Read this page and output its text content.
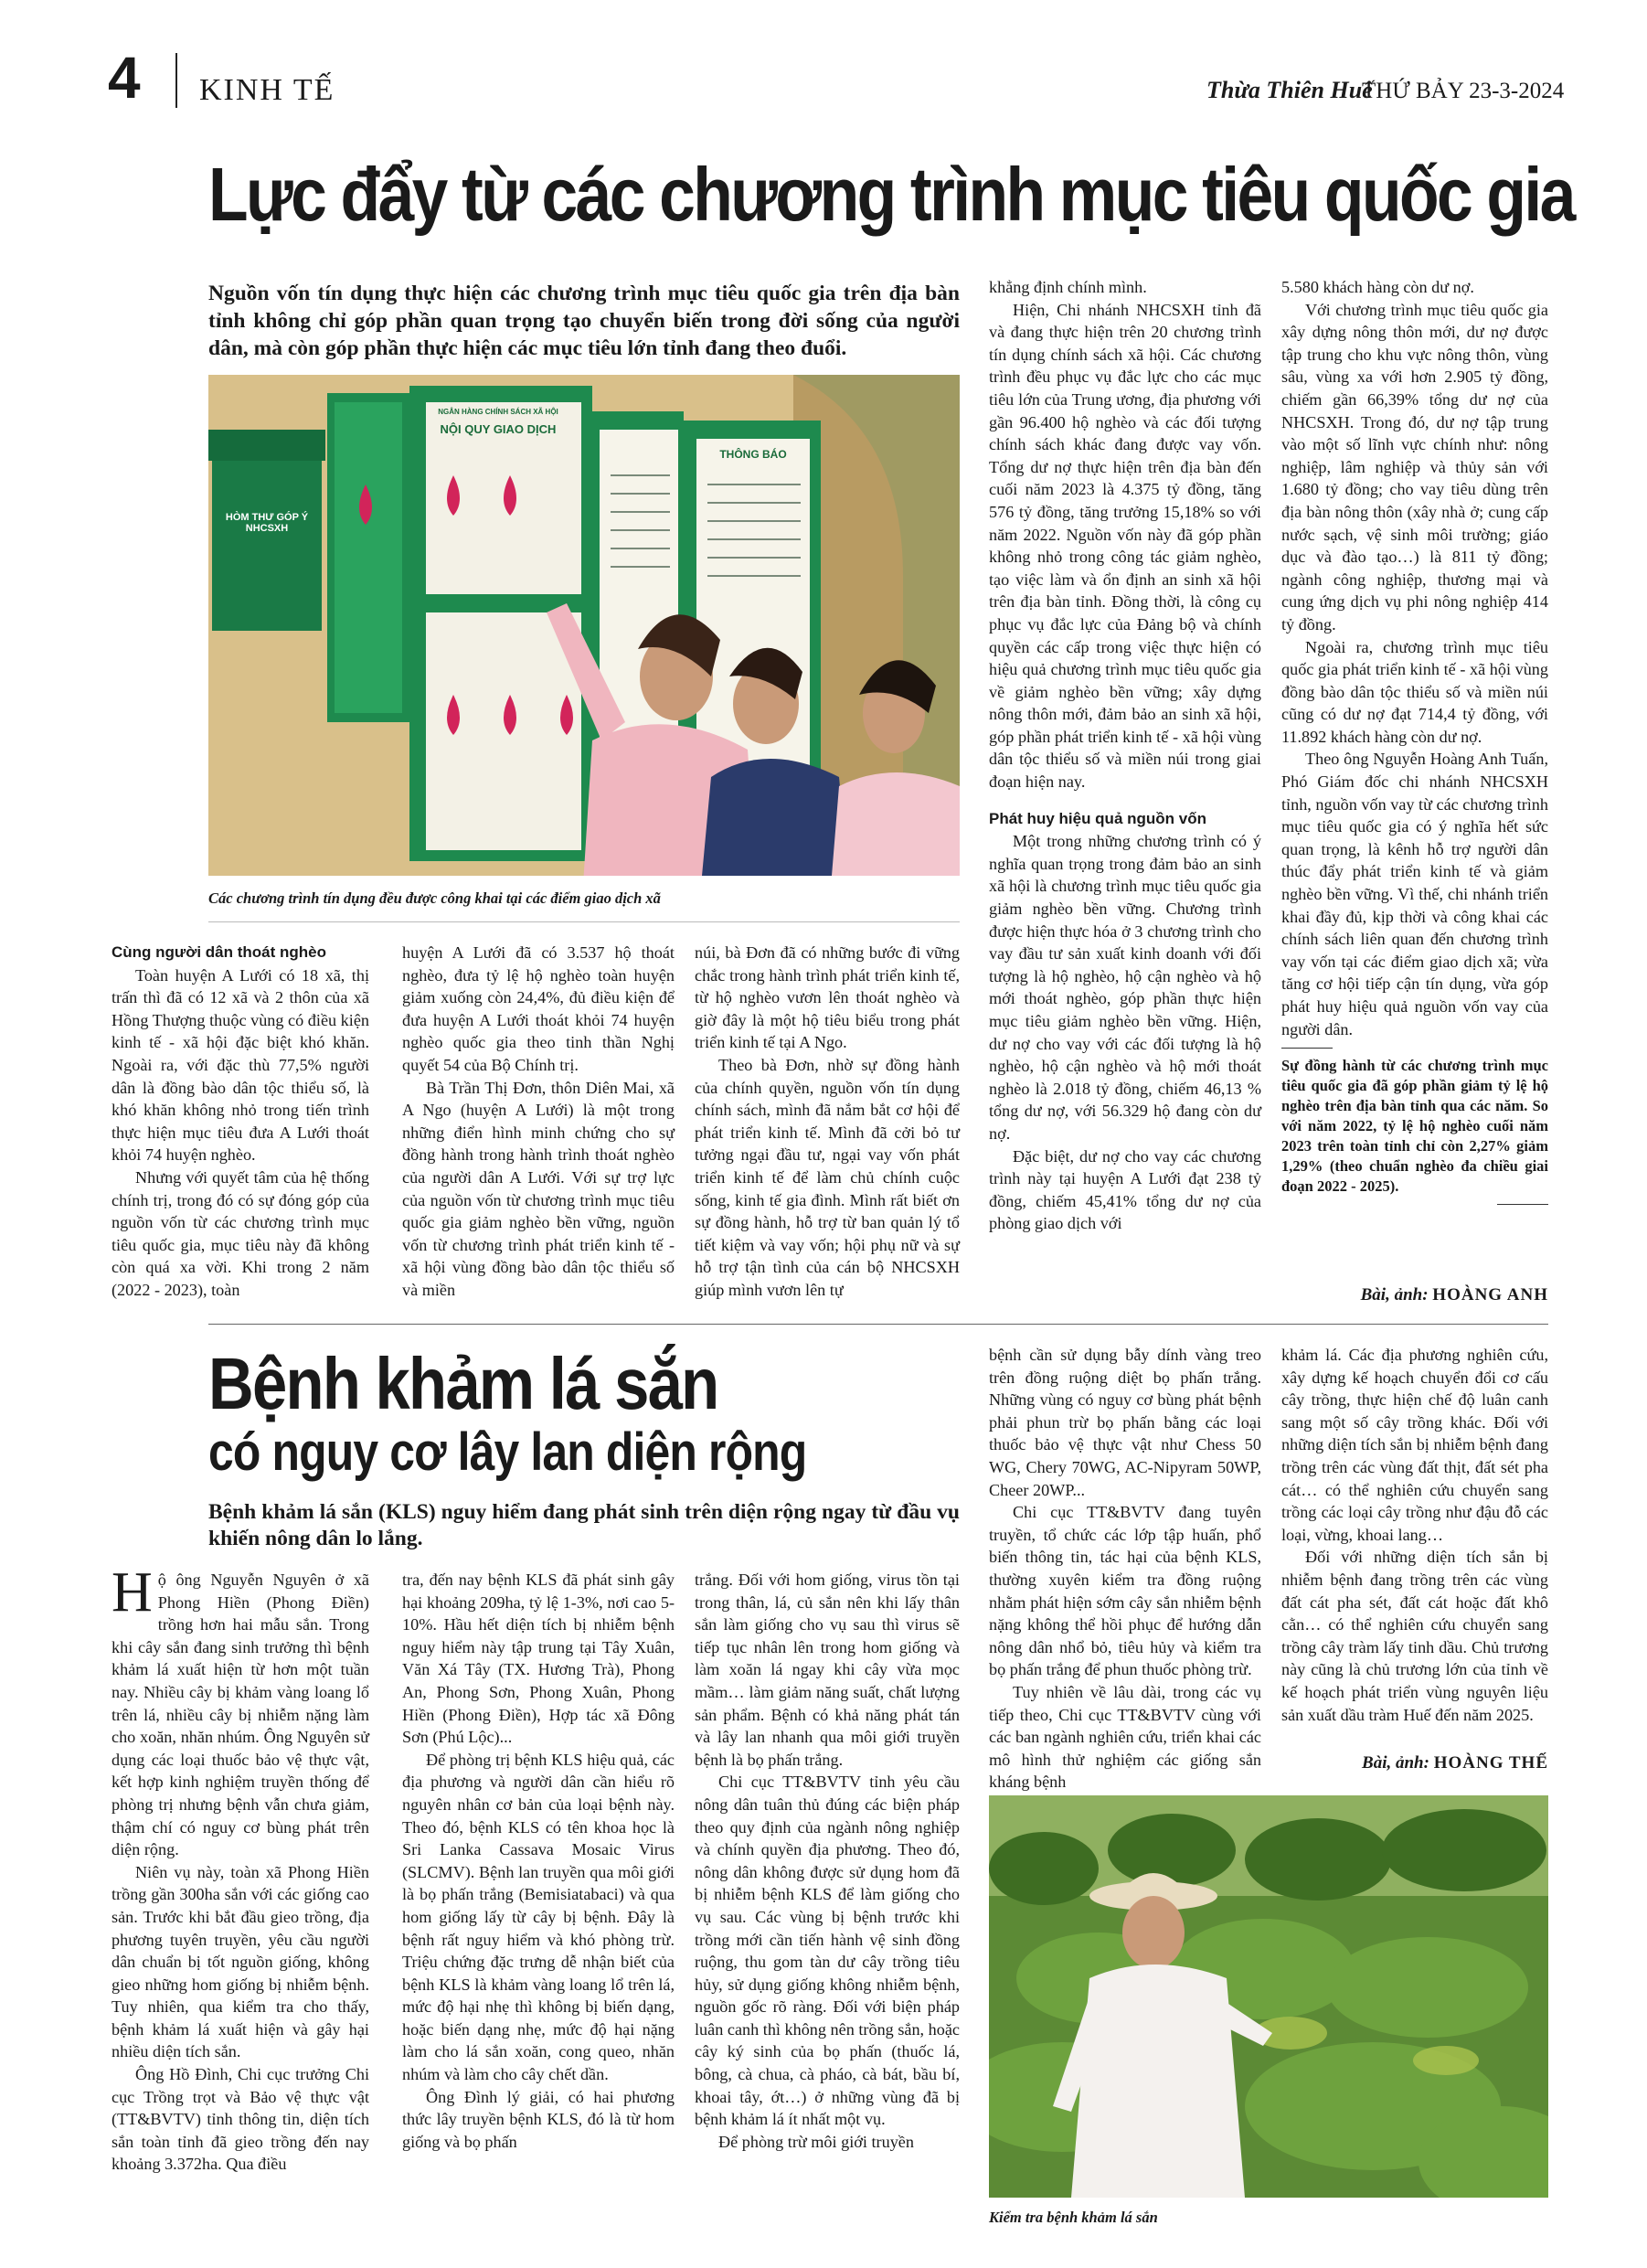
4 KINH TẾ	Thừa Thiên Huế
THỨ BẢY 23-3-2024
Lực đẩy từ các chương trình mục tiêu quốc gia
Nguồn vốn tín dụng thực hiện các chương trình mục tiêu quốc gia trên địa bàn tỉnh không chỉ góp phần quan trọng tạo chuyển biến trong đời sống của người dân, mà còn góp phần thực hiện các mục tiêu lớn tỉnh đang theo đuổi.
NGÂN HÀNG CHÍNH SÁCH XÃ HỘI
NỘI QUY GIAO DỊCH
THÔNG BÁO
HÒM THƯ GÓP Ý NHCSXH
Các chương trình tín dụng đều được công khai tại các điểm giao dịch xã

Cùng người dân thoát nghèo

Toàn huyện A Lưới có 18 xã, thị trấn thì đã có 12 xã và 2 thôn của xã Hồng Thượng thuộc vùng có điều kiện kinh tế - xã hội đặc biệt khó khăn. Ngoài ra, với đặc thù 77,5% người dân là đồng bào dân tộc thiểu số, là khó khăn không nhỏ trong tiến trình thực hiện mục tiêu đưa A Lưới thoát khỏi 74 huyện nghèo.

Nhưng với quyết tâm của hệ thống chính trị, trong đó có sự đóng góp của nguồn vốn từ các chương trình mục tiêu quốc gia, mục tiêu này đã không còn quá xa vời. Khi trong 2 năm (2022 - 2023), toàn

huyện A Lưới đã có 3.537 hộ thoát nghèo, đưa tỷ lệ hộ nghèo toàn huyện giảm xuống còn 24,4%, đủ điều kiện để đưa huyện A Lưới thoát khỏi 74 huyện nghèo quốc gia theo tinh thần Nghị quyết 54 của Bộ Chính trị.

Bà Trần Thị Đơn, thôn Diên Mai, xã A Ngo (huyện A Lưới) là một trong những điển hình minh chứng cho sự đồng hành trong hành trình thoát nghèo của người dân A Lưới. Với sự trợ lực của nguồn vốn từ chương trình mục tiêu quốc gia giảm nghèo bền vững, nguồn vốn từ chương trình phát triển kinh tế - xã hội vùng đồng bào dân tộc thiểu số và miền

núi, bà Đơn đã có những bước đi vững chắc trong hành trình phát triển kinh tế, từ hộ nghèo vươn lên thoát nghèo và giờ đây là một hộ tiêu biểu trong phát triển kinh tế tại A Ngo.

Theo bà Đơn, nhờ sự đồng hành của chính quyền, nguồn vốn tín dụng chính sách, mình đã nắm bắt cơ hội để phát triển kinh tế. Mình đã cởi bỏ tư tưởng ngại đầu tư, ngại vay vốn phát triển kinh tế để làm chủ chính cuộc sống, kinh tế gia đình. Mình rất biết ơn sự đồng hành, hỗ trợ từ ban quản lý tổ tiết kiệm và vay vốn; hội phụ nữ và sự hỗ trợ tận tình của cán bộ NHCSXH giúp mình vươn lên tự

khẳng định chính mình.

Hiện, Chi nhánh NHCSXH tỉnh đã và đang thực hiện trên 20 chương trình tín dụng chính sách xã hội. Các chương trình đều phục vụ đắc lực cho các mục tiêu lớn của Trung ương, địa phương với gần 96.400 hộ nghèo và các đối tượng chính sách khác đang được vay vốn. Tổng dư nợ thực hiện trên địa bàn đến cuối năm 2023 là 4.375 tỷ đồng, tăng 576 tỷ đồng, tăng trưởng 15,18% so với năm 2022. Nguồn vốn này đã góp phần không nhỏ trong công tác giảm nghèo, tạo việc làm và ổn định an sinh xã hội trên địa bàn tỉnh. Đồng thời, là công cụ phục vụ đắc lực của Đảng bộ và chính quyền các cấp trong việc thực hiện có hiệu quả chương trình mục tiêu quốc gia về giảm nghèo bền vững; xây dựng nông thôn mới, đảm bảo an sinh xã hội, góp phần phát triển kinh tế - xã hội vùng dân tộc thiểu số và miền núi trong giai đoạn hiện nay.

Phát huy hiệu quả nguồn vốn

Một trong những chương trình có ý nghĩa quan trọng trong đảm bảo an sinh xã hội là chương trình mục tiêu quốc gia giảm nghèo bền vững. Chương trình được hiện thực hóa ở 3 chương trình cho vay đầu tư sản xuất kinh doanh với đối tượng là hộ nghèo, hộ cận nghèo và hộ mới thoát nghèo, góp phần thực hiện mục tiêu giảm nghèo bền vững. Hiện, dư nợ cho vay với các đối tượng là hộ nghèo, hộ cận nghèo và hộ mới thoát nghèo là 2.018 tỷ đồng, chiếm 46,13 % tổng dư nợ, với 56.329 hộ đang còn dư nợ.

Đặc biệt, dư nợ cho vay các chương trình này tại huyện A Lưới đạt 238 tỷ đồng, chiếm 45,41% tổng dư nợ của phòng giao dịch với

5.580 khách hàng còn dư nợ.

Với chương trình mục tiêu quốc gia xây dựng nông thôn mới, dư nợ được tập trung cho khu vực nông thôn, vùng sâu, vùng xa với hơn 2.905 tỷ đồng, chiếm gần 66,39% tổng dư nợ của NHCSXH. Trong đó, dư nợ tập trung vào một số lĩnh vực chính như: nông nghiệp, lâm nghiệp và thủy sản với 1.680 tỷ đồng; cho vay tiêu dùng trên địa bàn nông thôn (xây nhà ở; cung cấp nước sạch, vệ sinh môi trường; giáo dục và đào tạo…) là 811 tỷ đồng; ngành công nghiệp, thương mại và cung ứng dịch vụ phi nông nghiệp 414 tỷ đồng.

Ngoài ra, chương trình mục tiêu quốc gia phát triển kinh tế - xã hội vùng đồng bào dân tộc thiểu số và miền núi cũng có dư nợ đạt 714,4 tỷ đồng, với 11.892 khách hàng còn dư nợ.

Theo ông Nguyễn Hoàng Anh Tuấn, Phó Giám đốc chi nhánh NHCSXH tỉnh, nguồn vốn vay từ các chương trình mục tiêu quốc gia có ý nghĩa hết sức quan trọng, là kênh hỗ trợ người dân thúc đẩy phát triển kinh tế và giảm nghèo bền vững. Vì thế, chi nhánh triển khai đầy đủ, kịp thời và công khai các chính sách liên quan đến chương trình vay vốn tại các điểm giao dịch xã; vừa tăng cơ hội tiếp cận tín dụng, vừa góp phát huy hiệu quả nguồn vốn vay của người dân.

Sự đồng hành từ các chương trình mục tiêu quốc gia đã góp phần giảm tỷ lệ hộ nghèo trên địa bàn tỉnh qua các năm. So với năm 2022, tỷ lệ hộ nghèo cuối năm 2023 trên toàn tỉnh chỉ còn 2,27% giảm 1,29% (theo chuẩn nghèo đa chiều giai đoạn 2022 - 2025).
Bài, ảnh: HOÀNG ANH
Bệnh khảm lá sắn
có nguy cơ lây lan diện rộng
Bệnh khảm lá sắn (KLS) nguy hiểm đang phát sinh trên diện rộng ngay từ đầu vụ khiến nông dân lo lắng.

Hộ ông Nguyễn Nguyên ở xã Phong Hiền (Phong Điền) trồng hơn hai mẫu sắn. Trong khi cây sắn đang sinh trưởng thì bệnh khảm lá xuất hiện từ hơn một tuần nay. Nhiều cây bị khảm vàng loang lổ trên lá, nhiều cây bị nhiễm nặng làm cho xoăn, nhăn nhúm. Ông Nguyên sử dụng các loại thuốc bảo vệ thực vật, kết hợp kinh nghiệm truyền thống để phòng trị nhưng bệnh vẫn chưa giảm, thậm chí có nguy cơ bùng phát trên diện rộng.

Niên vụ này, toàn xã Phong Hiền trồng gần 300ha sắn với các giống cao sản. Trước khi bắt đầu gieo trồng, địa phương tuyên truyền, yêu cầu người dân chuẩn bị tốt nguồn giống, không gieo những hom giống bị nhiễm bệnh. Tuy nhiên, qua kiểm tra cho thấy, bệnh khảm lá xuất hiện và gây hại nhiều diện tích sắn.

Ông Hồ Đình, Chi cục trưởng Chi cục Trồng trọt và Bảo vệ thực vật (TT&BVTV) tỉnh thông tin, diện tích sắn toàn tỉnh đã gieo trồng đến nay khoảng 3.372ha. Qua điều

tra, đến nay bệnh KLS đã phát sinh gây hại khoảng 209ha, tỷ lệ 1-3%, nơi cao 5-10%. Hầu hết diện tích bị nhiễm bệnh nguy hiểm này tập trung tại Tây Xuân, Văn Xá Tây (TX. Hương Trà), Phong An, Phong Sơn, Phong Xuân, Phong Hiền (Phong Điền), Hợp tác xã Đông Sơn (Phú Lộc)...

Để phòng trị bệnh KLS hiệu quả, các địa phương và người dân cần hiểu rõ nguyên nhân cơ bản của loại bệnh này. Theo đó, bệnh KLS có tên khoa học là Sri Lanka Cassava Mosaic Virus (SLCMV). Bệnh lan truyền qua môi giới là bọ phấn trắng (Bemisiatabaci) và qua hom giống lấy từ cây bị bệnh. Đây là bệnh rất nguy hiểm và khó phòng trừ. Triệu chứng đặc trưng dễ nhận biết của bệnh KLS là khảm vàng loang lổ trên lá, mức độ hại nhẹ thì không bị biến dạng, hoặc biến dạng nhẹ, mức độ hại nặng làm cho lá sắn xoăn, cong queo, nhăn nhúm và làm cho cây chết dần.

Ông Đình lý giải, có hai phương thức lây truyền bệnh KLS, đó là từ hom giống và bọ phấn

trắng. Đối với hom giống, virus tồn tại trong thân, lá, củ sắn nên khi lấy thân sắn làm giống cho vụ sau thì virus sẽ tiếp tục nhân lên trong hom giống và làm xoăn lá ngay khi cây vừa mọc mầm… làm giảm năng suất, chất lượng sản phẩm. Bệnh có khả năng phát tán và lây lan nhanh qua môi giới truyền bệnh là bọ phấn trắng.

Chi cục TT&BVTV tỉnh yêu cầu nông dân tuân thủ đúng các biện pháp theo quy định của ngành nông nghiệp và chính quyền địa phương. Theo đó, nông dân không được sử dụng hom đã bị nhiễm bệnh KLS để làm giống cho vụ sau. Các vùng bị bệnh trước khi trồng mới cần tiến hành vệ sinh đồng ruộng, thu gom tàn dư cây trồng tiêu hủy, sử dụng giống không nhiễm bệnh, nguồn gốc rõ ràng. Đối với biện pháp luân canh thì không nên trồng sắn, hoặc cây ký sinh của bọ phấn (thuốc lá, bông, cà chua, cà pháo, cà bát, bầu bí, khoai tây, ớt…) ở những vùng đã bị bệnh khảm lá ít nhất một vụ.

Để phòng trừ môi giới truyền

bệnh cần sử dụng bẫy dính vàng treo trên đồng ruộng diệt bọ phấn trắng. Những vùng có nguy cơ bùng phát bệnh phải phun trừ bọ phấn bằng các loại thuốc bảo vệ thực vật như Chess 50 WG, Chery 70WG, AC-Nipyram 50WP, Cheer 20WP...

Chi cục TT&BVTV đang tuyên truyền, tổ chức các lớp tập huấn, phổ biến thông tin, tác hại của bệnh KLS, thường xuyên kiểm tra đồng ruộng nhằm phát hiện sớm cây sắn nhiễm bệnh nặng không thể hồi phục để hướng dẫn nông dân nhổ bỏ, tiêu hủy và kiểm tra bọ phấn trắng để phun thuốc phòng trừ.

Tuy nhiên về lâu dài, trong các vụ tiếp theo, Chi cục TT&BVTV cùng với các ban ngành nghiên cứu, triển khai các mô hình thử nghiệm các giống sắn kháng bệnh

khảm lá. Các địa phương nghiên cứu, xây dựng kế hoạch chuyển đổi cơ cấu cây trồng, thực hiện chế độ luân canh sang một số cây trồng khác. Đối với những diện tích sắn bị nhiễm bệnh đang trồng trên các vùng đất thịt, đất sét pha cát… có thể nghiên cứu chuyển sang trồng các loại cây trồng như đậu đỗ các loại, vừng, khoai lang…

Đối với những diện tích sắn bị nhiễm bệnh đang trồng trên các vùng đất cát pha sét, đất cát hoặc đất khô cằn… có thể nghiên cứu chuyển sang trồng cây tràm lấy tinh dầu. Chủ trương này cũng là chủ trương lớn của tỉnh về kế hoạch phát triển vùng nguyên liệu sản xuất dầu tràm Huế đến năm 2025.

Bài, ảnh: HOÀNG THẾ
Kiểm tra bệnh khảm lá sắn
